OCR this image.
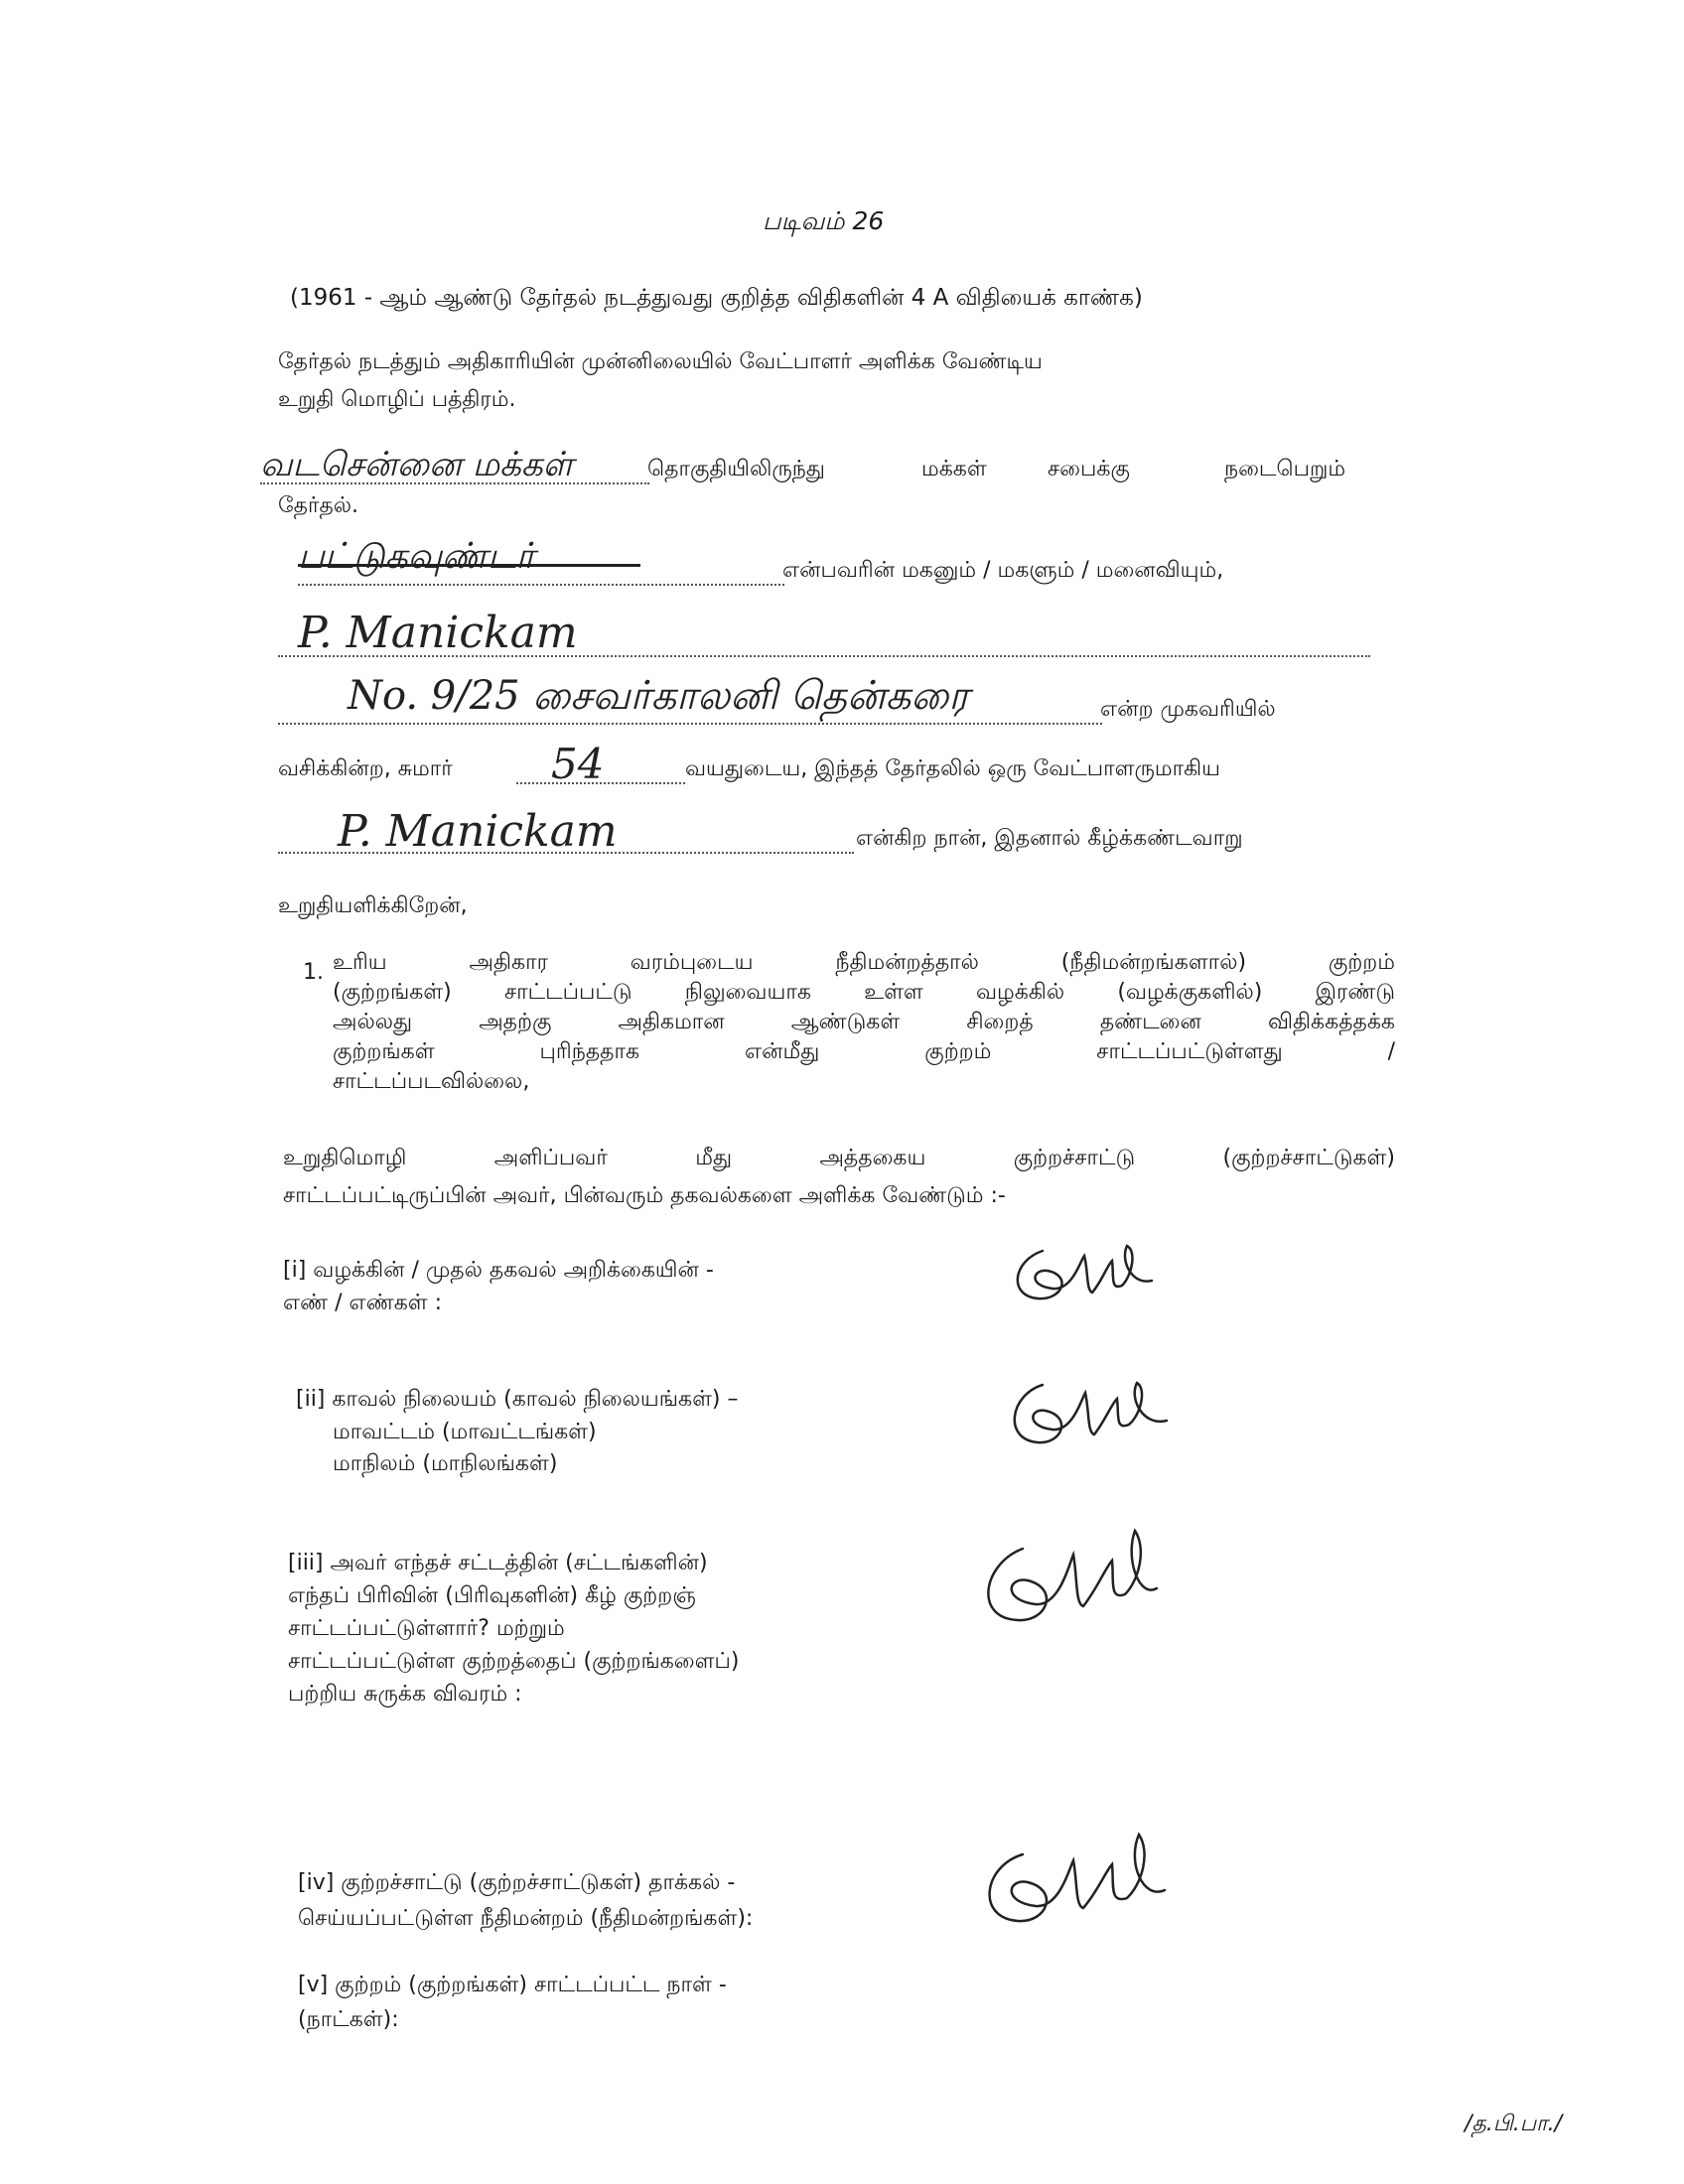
படிவம் 26
(1961 - ஆம் ஆண்டு தேர்தல் நடத்துவது குறித்த விதிகளின் 4 A விதியைக் காண்க)
தேர்தல் நடத்தும் அதிகாரியின் முன்னிலையில் வேட்பாளர் அளிக்க வேண்டிய
உறுதி மொழிப் பத்திரம்.
வடசென்னை மக்கள்	தொகுதியிலிருந்து	மக்கள்	சபைக்கு	நடைபெறும்
தேர்தல்.
பட்டுகவுண்டர்	என்பவரின் மகனும் / மகளும் / மனைவியும்,
P. Manickam
No. 9/25 சைவர்காலனி தென்கரை	என்ற முகவரியில்
வசிக்கின்ற, சுமார் 54	வயதுடைய, இந்தத் தேர்தலில் ஒரு வேட்பாளருமாகிய
P. Manickam	என்கிற நான், இதனால் கீழ்க்கண்டவாறு
உறுதியளிக்கிறேன்,
1. உரிய அதிகார வரம்புடைய நீதிமன்றத்தால் (நீதிமன்றங்களால்) குற்றம்
(குற்றங்கள்) சாட்டப்பட்டு நிலுவையாக உள்ள வழக்கில் (வழக்குகளில்) இரண்டு
அல்லது அதற்கு அதிகமான ஆண்டுகள் சிறைத் தண்டனை விதிக்கத்தக்க
குற்றங்கள் புரிந்ததாக என்மீது குற்றம் சாட்டப்பட்டுள்ளது /
சாட்டப்படவில்லை,
உறுதிமொழி அளிப்பவர் மீது அத்தகைய குற்றச்சாட்டு (குற்றச்சாட்டுகள்)
சாட்டப்பட்டிருப்பின் அவர், பின்வரும் தகவல்களை அளிக்க வேண்டும் :-
[i] வழக்கின் / முதல் தகவல் அறிக்கையின் -
எண் / எண்கள் :
[ii] காவல் நிலையம் (காவல் நிலையங்கள்) –
மாவட்டம் (மாவட்டங்கள்)
மாநிலம் (மாநிலங்கள்)
[iii] அவர் எந்தச் சட்டத்தின் (சட்டங்களின்)
எந்தப் பிரிவின் (பிரிவுகளின்) கீழ் குற்றஞ்
சாட்டப்பட்டுள்ளார்? மற்றும்
சாட்டப்பட்டுள்ள குற்றத்தைப் (குற்றங்களைப்)
பற்றிய சுருக்க விவரம் :
[iv] குற்றச்சாட்டு (குற்றச்சாட்டுகள்) தாக்கல் -
செய்யப்பட்டுள்ள நீதிமன்றம் (நீதிமன்றங்கள்):
[v] குற்றம் (குற்றங்கள்) சாட்டப்பட்ட நாள் -
(நாட்கள்):
/த.பி.பா./
